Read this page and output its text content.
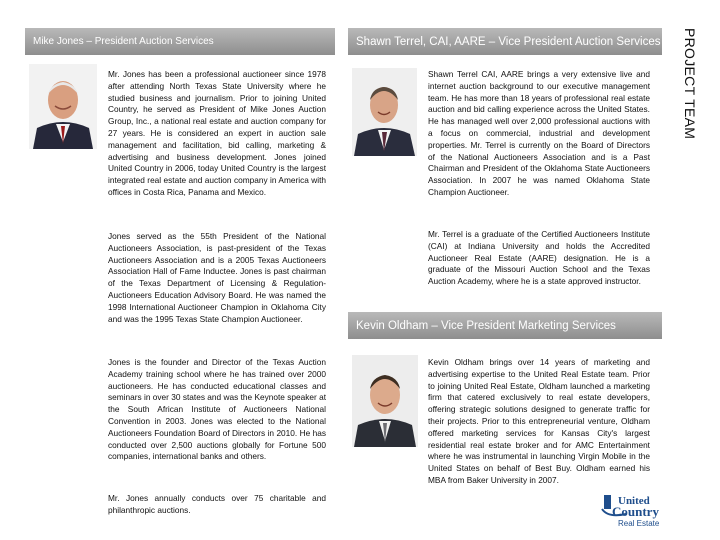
PROJECT TEAM
Mike Jones – President Auction Services

Mr. Jones has been a professional auctioneer since 1978 after attending North Texas State University where he studied business and journalism. Prior to joining United Country, he served as President of Mike Jones Auction Group, Inc., a national real estate and auction company for 27 years. He is considered an expert in auction sale management and facilitation, bid calling, marketing & advertising and business development. Jones joined United Country in 2006, today United Country is the largest integrated real estate and auction company in America with offices in Costa Rica, Panama and Mexico.

Jones served as the 55th President of the National Auctioneers Association, is past-president of the Texas Auctioneers Association and is a 2005 Texas Auctioneers Association Hall of Fame Inductee. Jones is past chairman of the Texas Department of Licensing & Regulation-Auctioneers Education Advisory Board. He was named the 1998 International Auctioneer Champion in Oklahoma City and was the 1995 Texas State Champion Auctioneer.

Jones is the founder and Director of the Texas Auction Academy training school where he has trained over 2000 auctioneers. He has conducted educational classes and seminars in over 30 states and was the Keynote speaker at the South African Institute of Auctioneers National Convention in 2003. Jones was elected to the National Auctioneers Foundation Board of Directors in 2010. He has conducted over 2,500 auctions globally for Fortune 500 companies, international banks and others.

Mr. Jones annually conducts over 75 charitable and philanthropic auctions.

Shawn Terrel, CAI, AARE – Vice President Auction Services

Shawn Terrel CAI, AARE brings a very extensive live and internet auction background to our executive management team. He has more than 18 years of professional real estate auction and bid calling experience across the United States. He has managed well over 2,000 professional auctions with a focus on commercial, industrial and development properties. Mr. Terrel is currently on the Board of Directors of the National Auctioneers Association and is a Past Chairman and President of the Oklahoma State Auctioneers Association. In 2007 he was named Oklahoma State Champion Auctioneer.

Mr. Terrel is a graduate of the Certified Auctioneers Institute (CAI) at Indiana University and holds the Accredited Auctioneer Real Estate (AARE) designation. He is a graduate of the Missouri Auction School and the Texas Auction Academy, where he is a state approved instructor.

Kevin Oldham – Vice President Marketing Services

Kevin Oldham brings over 14 years of marketing and advertising expertise to the United Real Estate team. Prior to joining United Real Estate, Oldham launched a marketing firm that catered exclusively to real estate developers, offering strategic solutions designed to generate traffic for their projects. Prior to this entrepreneurial venture, Oldham offered marketing services for Kansas City's largest residential real estate broker and for AMC Entertainment where he was instrumental in launching Virgin Mobile in the United States on behalf of Best Buy. Oldham earned his MBA from Baker University in 2007.

United
Country
Real Estate
